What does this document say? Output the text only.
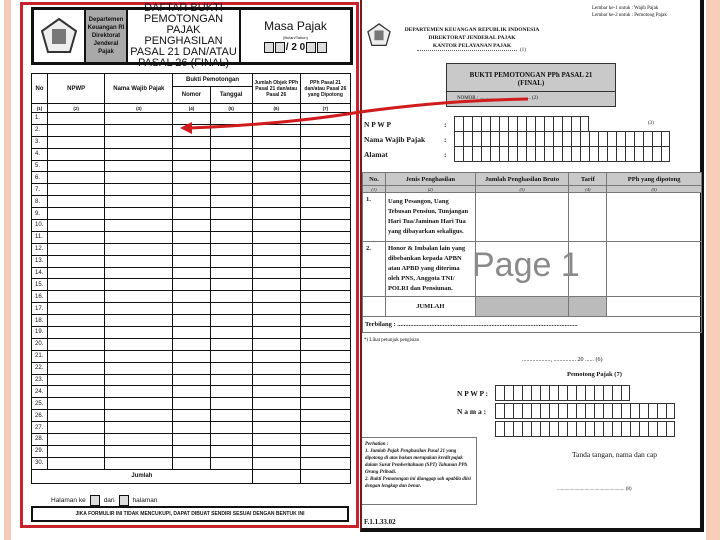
Departemen Keuangan RI Direktorat Jenderal Pajak
DAFTAR BUKTI PEMOTONGAN PAJAK PENGHASILAN PASAL 21 DAN/ATAU PASAL 26 (FINAL)
Masa Pajak
(Bulan/Tahun)
/ 2 0
No	NPWP	Nama Wajib Pajak	Bukti Pemotongan		Jumlah Objek PPh Pasal 21 dan/atau Pasal 26	PPh Pasal 21 dan/atau Pasal 26 yang Dipotong
			Nomor	Tanggal		
(1)	(2)	(3)	(4)	(5)	(6)	(7)
1.						
2.						
3.						
4.						
5.						
6.						
7.						
8.						
9.						
10.						
11.						
12.						
13.						
14.						
15.						
16.						
17.						
18.						
19.						
20.						
21.						
22.						
23.						
24.						
25.						
26.						
27.						
28.						
29.						
30.						
Jumlah						
Halaman ke	dari	halaman
JIKA FORMULIR INI TIDAK MENCUKUPI, DAPAT DIBUAT SENDIRI SESUAI DENGAN BENTUK INI
Lembar ke-1 untuk : Wajib Pajak
Lembar ke-2 untuk : Pemotong Pajak
DEPARTEMEN KEUANGAN REPUBLIK INDONESIA
DIREKTORAT JENDERAL PAJAK
KANTOR PELAYANAN PAJAK
(1)
BUKTI PEMOTONGAN PPh PASAL 21 (FINAL)
NOMOR : ......................................... (2)
N P W P	:
Nama Wajib Pajak	:
Alamat	:
(3)
No.	Jenis Penghasilan	Jumlah Penghasilan Bruto	Tarif	PPh yang dipotong
(1)	(2)	(3)	(4)	(5)
1.	Uang Pesangon, Uang Tebusan Pensiun, Tunjangan Hari Tua/Jaminan Hari Tua yang dibayarkan sekaligus.			
2.	Honor & Imbalan lain yang dibebankan kepada APBN atau APBD yang diterima oleh PNS, Anggota TNI/ POLRI dan Pensiunan.			
	JUMLAH			
Terbilang : ...............................................................................................................				
Page 1
*) Lihat petunjuk pengisian
..................., ............... 20 ...... (6)
Pemotong Pajak (7)
N P W P :
N a m a :
Perhatian :
1. Jumlah Pajak Penghasilan Pasal 21 yang dipotong di atas bukan merupakan kredit pajak dalam Surat Pemberitahuan (SPT) Tahunan PPh Orang Pribadi.
2. Bukti Pemotongan ini dianggap sah apabila diisi dengan lengkap dan benar.
Tanda tangan, nama dan cap
...................................................... (8)
F.1.1.33.02
